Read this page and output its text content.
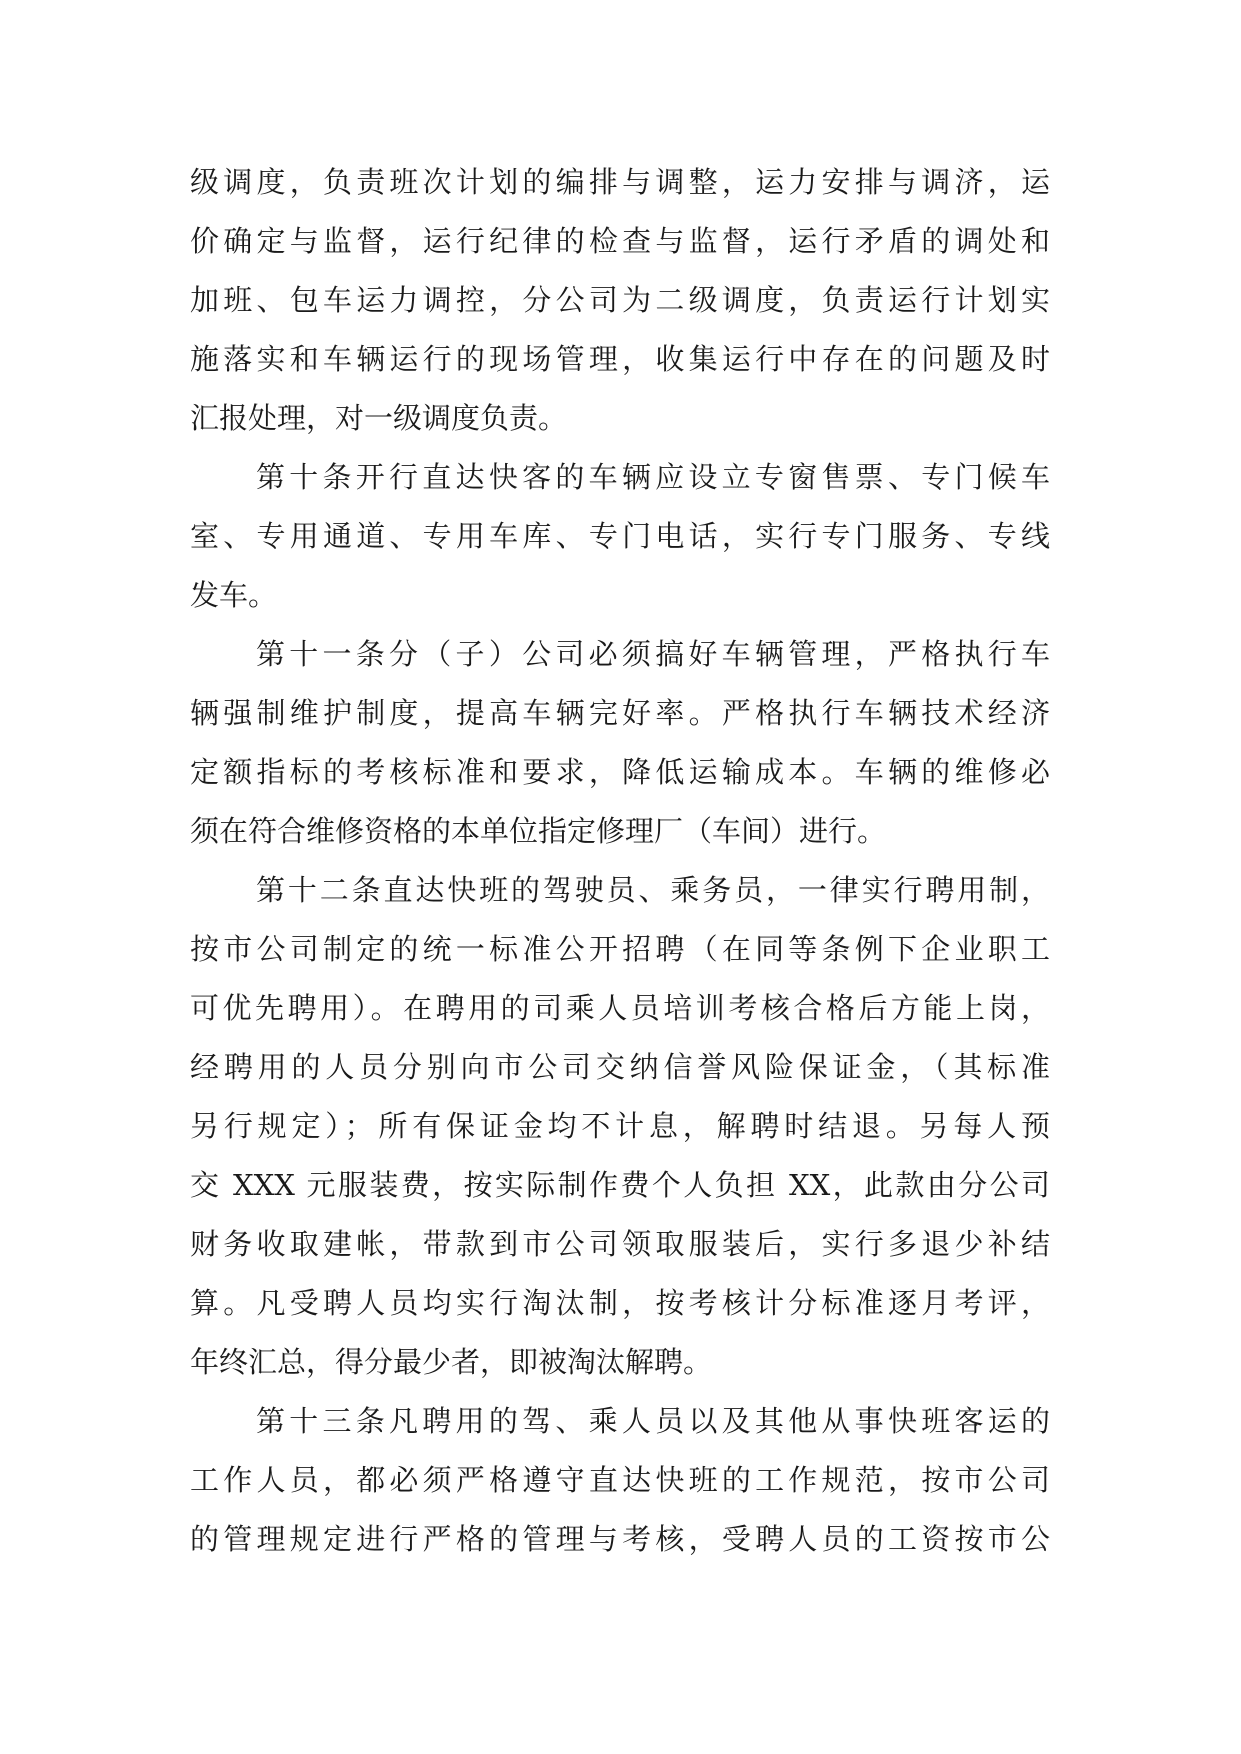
级调度，负责班次计划的编排与调整，运力安排与调济，运
价确定与监督，运行纪律的检查与监督，运行矛盾的调处和
加班、包车运力调控，分公司为二级调度，负责运行计划实
施落实和车辆运行的现场管理，收集运行中存在的问题及时
汇报处理，对一级调度负责。
第十条开行直达快客的车辆应设立专窗售票、专门候车
室、专用通道、专用车库、专门电话，实行专门服务、专线
发车。
第十一条分（子）公司必须搞好车辆管理，严格执行车
辆强制维护制度，提高车辆完好率。严格执行车辆技术经济
定额指标的考核标准和要求，降低运输成本。车辆的维修必
须在符合维修资格的本单位指定修理厂（车间）进行。
第十二条直达快班的驾驶员、乘务员，一律实行聘用制，
按市公司制定的统一标准公开招聘（在同等条例下企业职工
可优先聘用）。在聘用的司乘人员培训考核合格后方能上岗，
经聘用的人员分别向市公司交纳信誉风险保证金，（其标准
另行规定）；所有保证金均不计息，解聘时结退。另每人预
交 XXX 元服装费，按实际制作费个人负担 XX，此款由分公司
财务收取建帐，带款到市公司领取服装后，实行多退少补结
算。凡受聘人员均实行淘汰制，按考核计分标准逐月考评，
年终汇总，得分最少者，即被淘汰解聘。
第十三条凡聘用的驾、乘人员以及其他从事快班客运的
工作人员，都必须严格遵守直达快班的工作规范，按市公司
的管理规定进行严格的管理与考核，受聘人员的工资按市公
